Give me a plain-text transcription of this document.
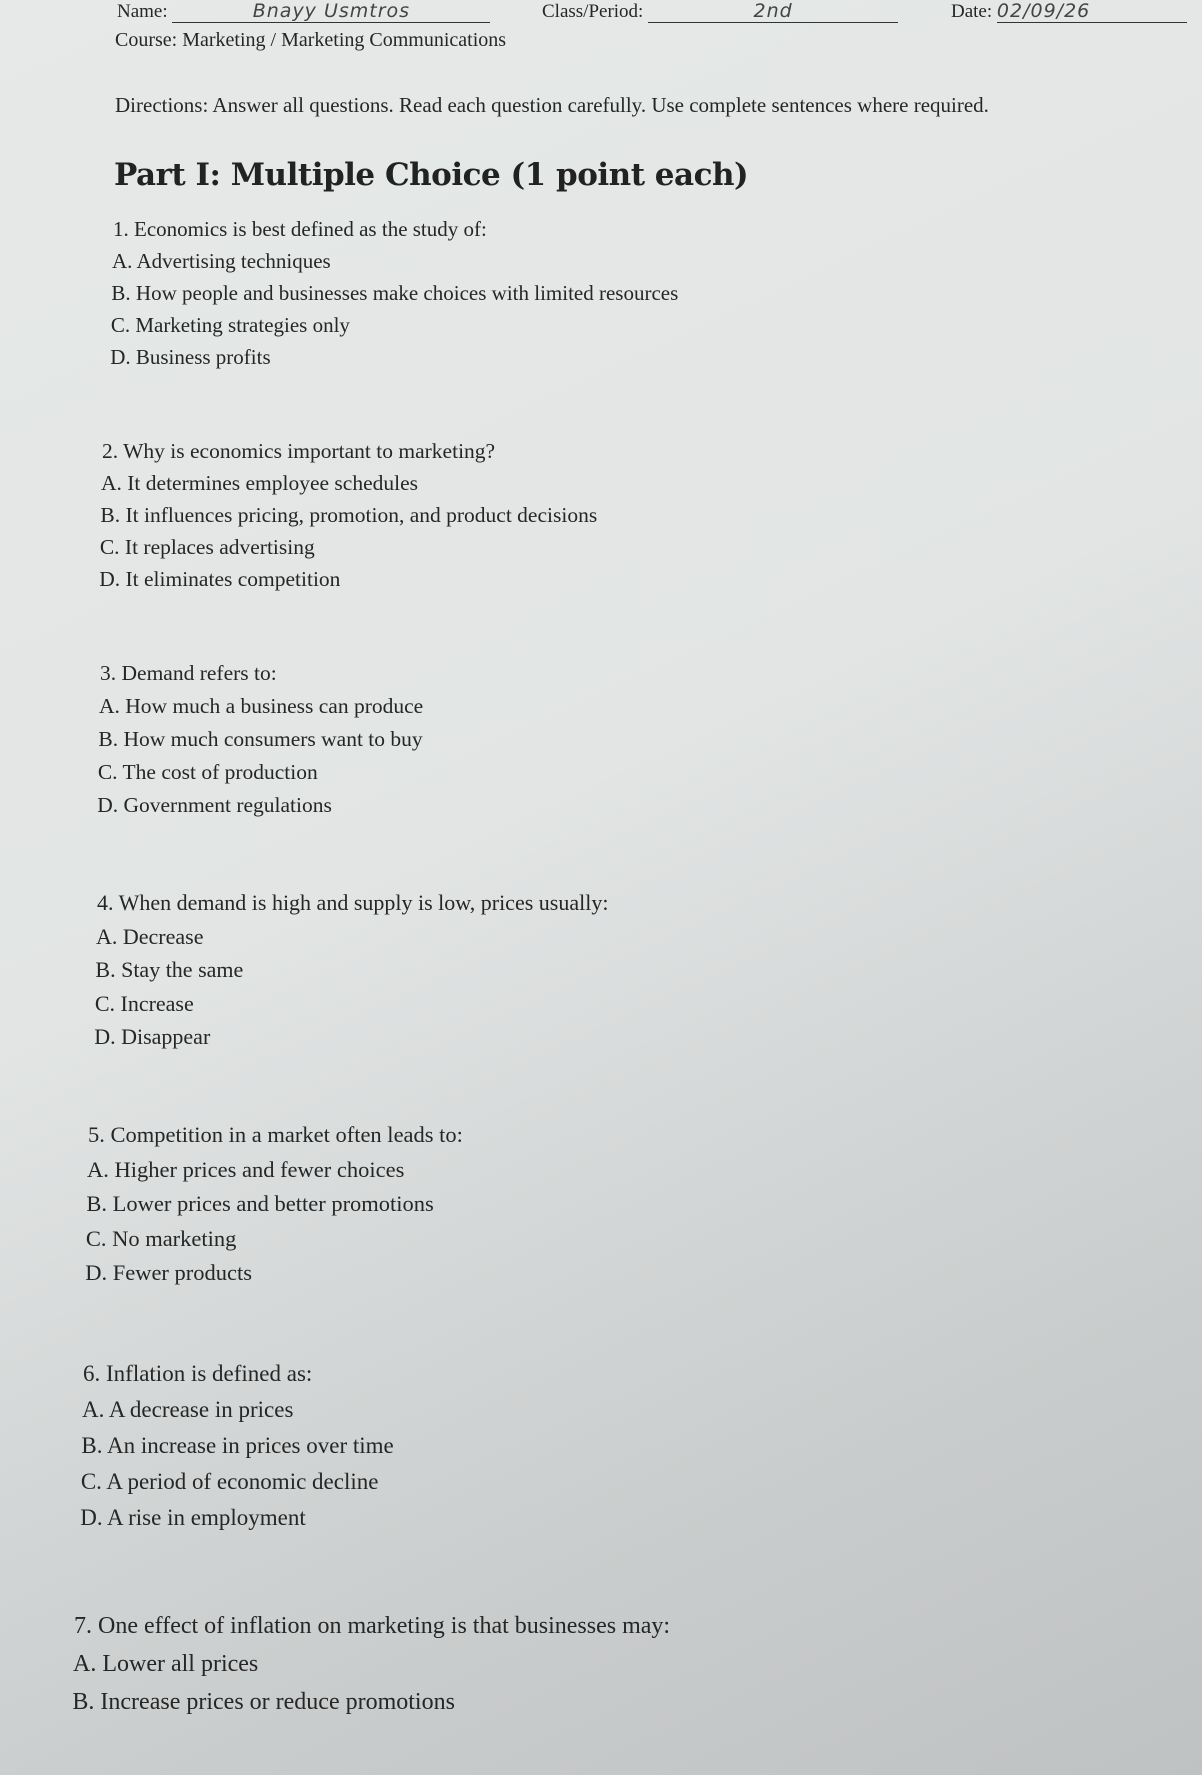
Name:	Bnayy Usmtros	Class/Period:	2nd	Date: 02/09/26
Course: Marketing / Marketing Communications
Directions: Answer all questions. Read each question carefully. Use complete sentences where required.
Part I: Multiple Choice (1 point each)
1. Economics is best defined as the study of:
A. Advertising techniques
B. How people and businesses make choices with limited resources
C. Marketing strategies only
D. Business profits
2. Why is economics important to marketing?
A. It determines employee schedules
B. It influences pricing, promotion, and product decisions
C. It replaces advertising
D. It eliminates competition
3. Demand refers to:
A. How much a business can produce
B. How much consumers want to buy
C. The cost of production
D. Government regulations
4. When demand is high and supply is low, prices usually:
A. Decrease
B. Stay the same
C. Increase
D. Disappear
5. Competition in a market often leads to:
A. Higher prices and fewer choices
B. Lower prices and better promotions
C. No marketing
D. Fewer products
6. Inflation is defined as:
A. A decrease in prices
B. An increase in prices over time
C. A period of economic decline
D. A rise in employment
7. One effect of inflation on marketing is that businesses may:
A. Lower all prices
B. Increase prices or reduce promotions
